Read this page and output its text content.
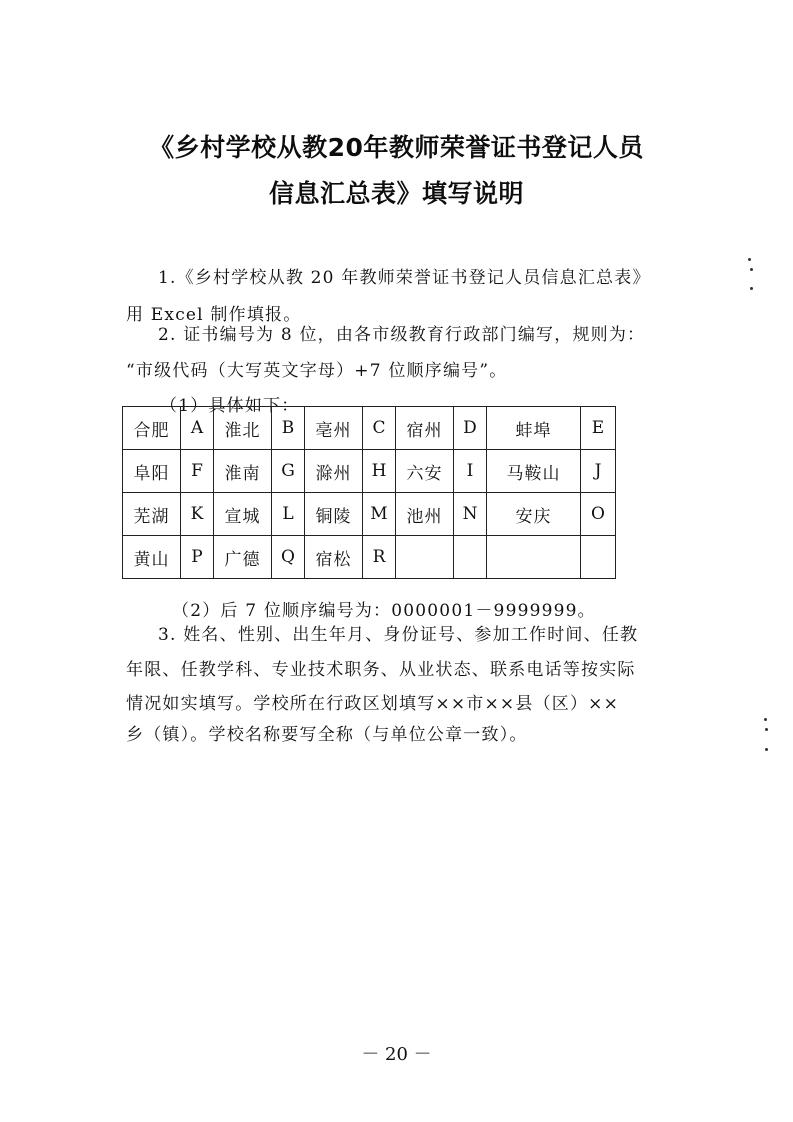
《乡村学校从教20年教师荣誉证书登记人员
信息汇总表》填写说明
1.《乡村学校从教 20 年教师荣誉证书登记人员信息汇总表》
用 Excel 制作填报。
2. 证书编号为 8 位，由各市级教育行政部门编写，规则为：
“市级代码（大写英文字母）+7 位顺序编号”。
（1）具体如下：
合肥	A	淮北	B	亳州	C	宿州	D	蚌埠	E
阜阳	F	淮南	G	滁州	H	六安	I	马鞍山	J
芜湖	K	宣城	L	铜陵	M	池州	N	安庆	O
黄山	P	广德	Q	宿松	R				
（2）后 7 位顺序编号为：0000001－9999999。
3. 姓名、性别、出生年月、身份证号、参加工作时间、任教
年限、任教学科、专业技术职务、从业状态、联系电话等按实际
情况如实填写。学校所在行政区划填写××市××县（区）××
乡（镇）。学校名称要写全称（与单位公章一致）。
－ 20 －
